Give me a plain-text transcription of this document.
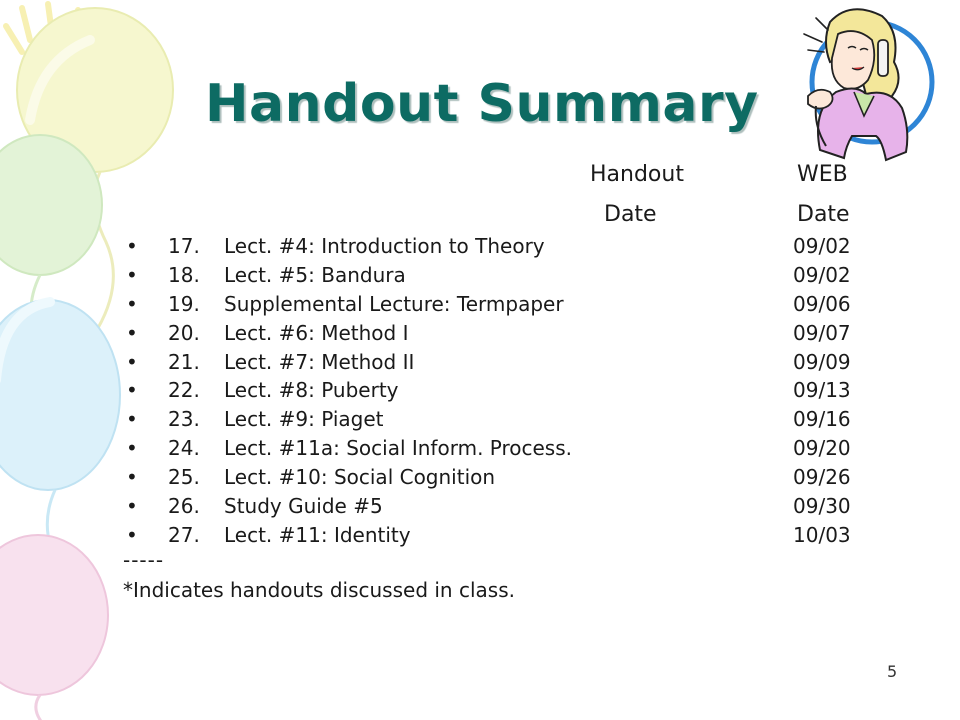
Handout Summary
Handout	WEB
Date	Date
• 17. Lect. #4: Introduction to Theory	09/02
• 18. Lect. #5: Bandura	09/02
• 19. Supplemental Lecture: Termpaper	09/06
• 20. Lect. #6: Method I	09/07
• 21. Lect. #7: Method II	09/09
• 22. Lect. #8: Puberty	09/13
• 23. Lect. #9: Piaget	09/16
• 24. Lect. #11a: Social Inform. Process.	09/20
• 25. Lect. #10: Social Cognition	09/26
• 26. Study Guide #5	09/30
• 27. Lect. #11: Identity	10/03
-----
*Indicates handouts discussed in class.
5
